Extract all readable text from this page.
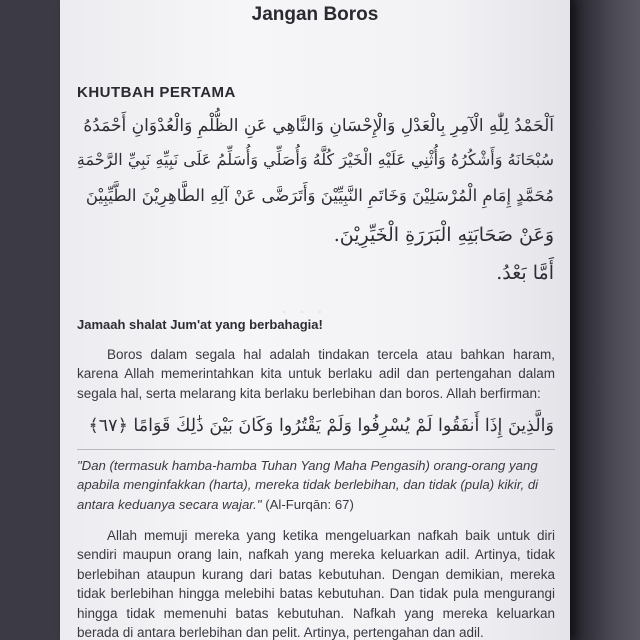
Jangan Boros
KHUTBAH PERTAMA
اَلْحَمْدُ لِلّٰهِ الْآمِرِ بِالْعَدْلِ وَالْإِحْسَانِ وَالنَّاهِي عَنِ الظُّلْمِ وَالْعُدْوَانِ أَحْمَدُهُ
سُبْحَانَهُ وَأَشْكُرُهُ وَأُثْنِي عَلَيْهِ الْخَيْرَ كُلَّهُ وَأُصَلِّي وَأُسَلِّمُ عَلَى نَبِيِّهِ نَبِيِّ الرَّحْمَةِ
مُحَمَّدٍ إِمَامِ الْمُرْسَلِيْنَ وَخَاتَمِ النَّبِيِّيْنَ وَأَتَرَضَّى عَنْ آلِهِ الطَّاهِرِيْنَ الطَّيِّبِيْنَ
وَعَنْ صَحَابَتِهِ الْبَرَرَةِ الْخَيِّرِيْنَ.
أَمَّا بَعْدُ.
· · ·
Jamaah shalat Jum'at yang berbahagia!
Boros dalam segala hal adalah tindakan tercela atau bahkan haram, karena Allah memerintahkan kita untuk berlaku adil dan pertengahan dalam segala hal, serta melarang kita berlaku berlebihan dan boros. Allah berfirman:
وَالَّذِينَ إِذَا أَنفَقُوا لَمْ يُسْرِفُوا وَلَمْ يَقْتُرُوا وَكَانَ بَيْنَ ذَٰلِكَ قَوَامًا ﴿٦٧﴾
"Dan (termasuk hamba-hamba Tuhan Yang Maha Pengasih) orang-orang yang apabila menginfakkan (harta), mereka tidak berlebihan, dan tidak (pula) kikir, di antara keduanya secara wajar." (Al-Furqān: 67)
Allah memuji mereka yang ketika mengeluarkan nafkah baik untuk diri sendiri maupun orang lain, nafkah yang mereka keluarkan adil. Artinya, tidak berlebihan ataupun kurang dari batas kebutuhan. Dengan demikian, mereka tidak berlebihan hingga melebihi batas kebutuhan. Dan tidak pula mengurangi hingga tidak memenuhi batas kebutuhan. Nafkah yang mereka keluarkan berada di antara berlebihan dan pelit. Artinya, pertengahan dan adil.
